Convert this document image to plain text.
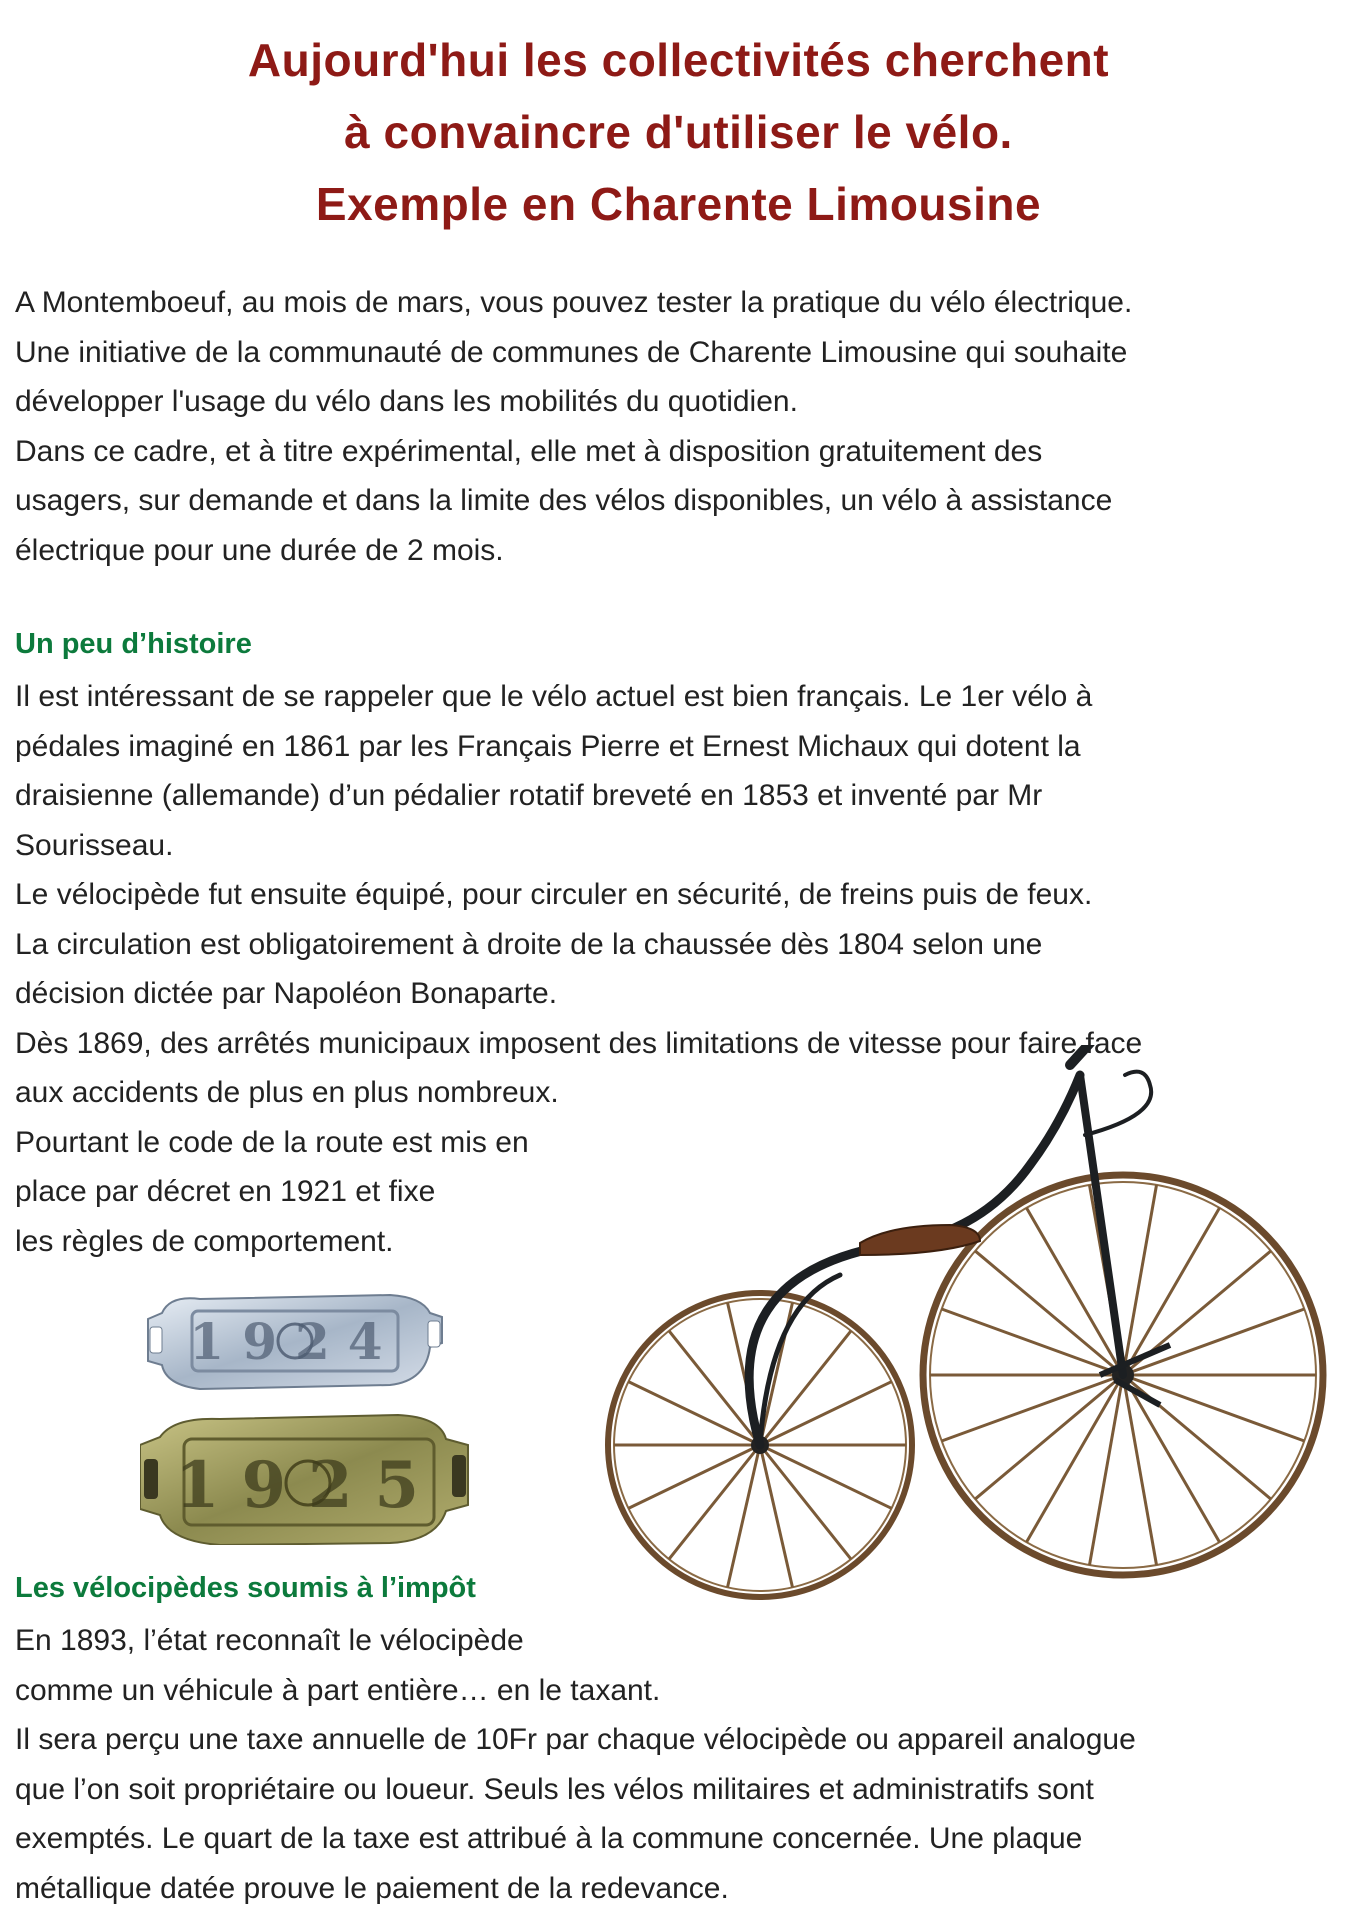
Aujourd'hui les collectivités cherchent
à convaincre d'utiliser le vélo.
Exemple en Charente Limousine
A Montemboeuf, au mois de mars, vous pouvez tester la pratique du vélo électrique.
Une initiative de la communauté de communes de Charente Limousine qui souhaite
développer l'usage du vélo dans les mobilités du quotidien.
Dans ce cadre, et à titre expérimental, elle met à disposition gratuitement des
usagers, sur demande et dans la limite des vélos disponibles, un vélo à assistance
électrique pour une durée de 2 mois.
Un peu d’histoire
Il est intéressant de se rappeler que le vélo actuel est bien français. Le 1er vélo à
pédales imaginé en 1861 par les Français Pierre et Ernest Michaux qui dotent la
draisienne (allemande) d’un pédalier rotatif breveté en 1853 et inventé par Mr
Sourisseau.
Le vélocipède fut ensuite équipé, pour circuler en sécurité, de freins puis de feux.
La circulation est obligatoirement à droite de la chaussée dès 1804 selon une
décision dictée par Napoléon Bonaparte.
Dès 1869, des arrêtés municipaux imposent des limitations de vitesse pour faire face
aux accidents de plus en plus nombreux.
Pourtant le code de la route est mis en
place par décret en 1921 et fixe
les règles de comportement.
1924
1925
Les vélocipèdes soumis à l’impôt
En 1893, l’état reconnaît le vélocipède
comme un véhicule à part entière… en le taxant.
Il sera perçu une taxe annuelle de 10Fr par chaque vélocipède ou appareil analogue
que l’on soit propriétaire ou loueur. Seuls les vélos militaires et administratifs sont
exemptés. Le quart de la taxe est attribué à la commune concernée. Une plaque
métallique datée prouve le paiement de la redevance.
